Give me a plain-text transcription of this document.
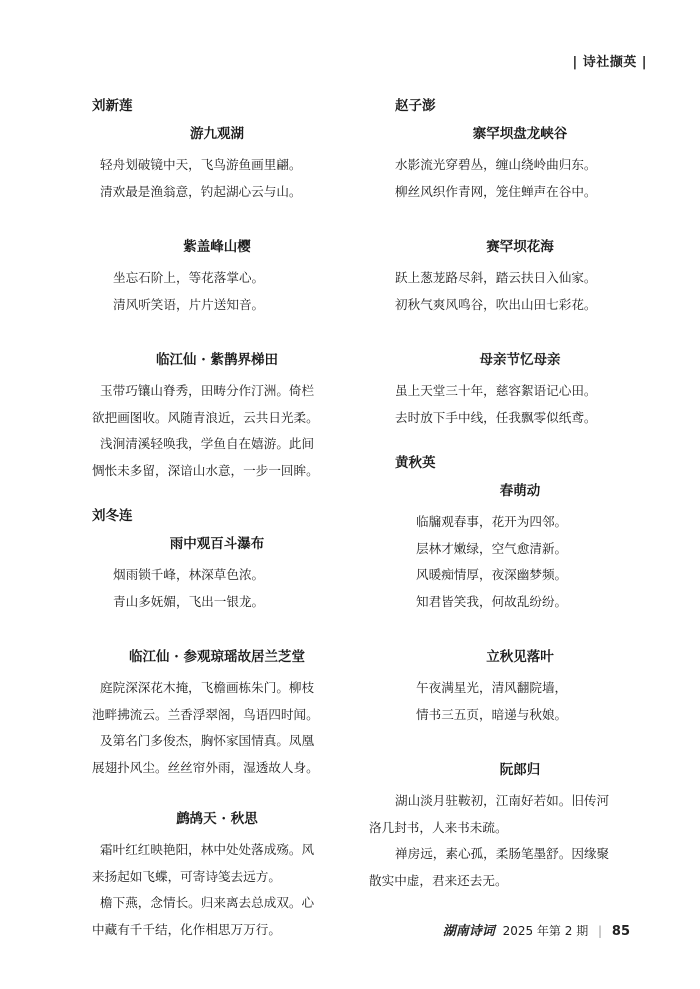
| 诗社撷英 |
刘新莲
游九观湖
轻舟划破镜中天，飞鸟游鱼画里翩。
清欢最是渔翁意，钓起湖心云与山。
紫盖峰山樱
坐忘石阶上，等花落掌心。
清风听笑语，片片送知音。
临江仙 · 紫鹊界梯田
玉带巧镶山脊秀，田畴分作汀洲。倚栏
欲把画图收。风随青浪近，云共日光柔。
浅涧清溪轻唤我，学鱼自在嬉游。此间
惆怅未多留，深谙山水意，一步一回眸。
刘冬连
雨中观百斗瀑布
烟雨锁千峰，林深草色浓。
青山多妩媚，飞出一银龙。
临江仙 · 参观琼瑶故居兰芝堂
庭院深深花木掩，飞檐画栋朱门。柳枝
池畔拂流云。兰香浮翠阁，鸟语四时闻。
及第名门多俊杰，胸怀家国情真。凤凰
展翅扑风尘。丝丝帘外雨，湿透故人身。
鹧鸪天 · 秋思
霜叶红红映艳阳，林中处处落成殇。风
来扬起如飞蝶，可寄诗笺去远方。
檐下燕，念情长。归来离去总成双。心
中藏有千千结，化作相思万万行。
赵子澎
寨罕坝盘龙峡谷
水影流光穿碧丛，缠山绕岭曲归东。
柳丝风织作青网，笼住蝉声在谷中。
赛罕坝花海
跃上葱茏路尽斜，踏云扶日入仙家。
初秋气爽风鸣谷，吹出山田七彩花。
母亲节忆母亲
虽上天堂三十年，慈容絮语记心田。
去时放下手中线，任我飘零似纸鸢。
黄秋英
春萌动
临牖观春事，花开为四邻。
层林才嫩绿，空气愈清新。
风暖痴情厚，夜深幽梦频。
知君皆笑我，何故乱纷纷。
立秋见落叶
午夜满星光，清风翻院墙，
情书三五页，暗递与秋娘。
阮郎归
湖山淡月驻鞍初，江南好若如。旧传河
洛几封书，人来书未疏。
禅房远，素心孤，柔肠笔墨舒。因缘聚
散实中虚，君来还去无。
湖南诗词 2025 年第 2 期 | 85
